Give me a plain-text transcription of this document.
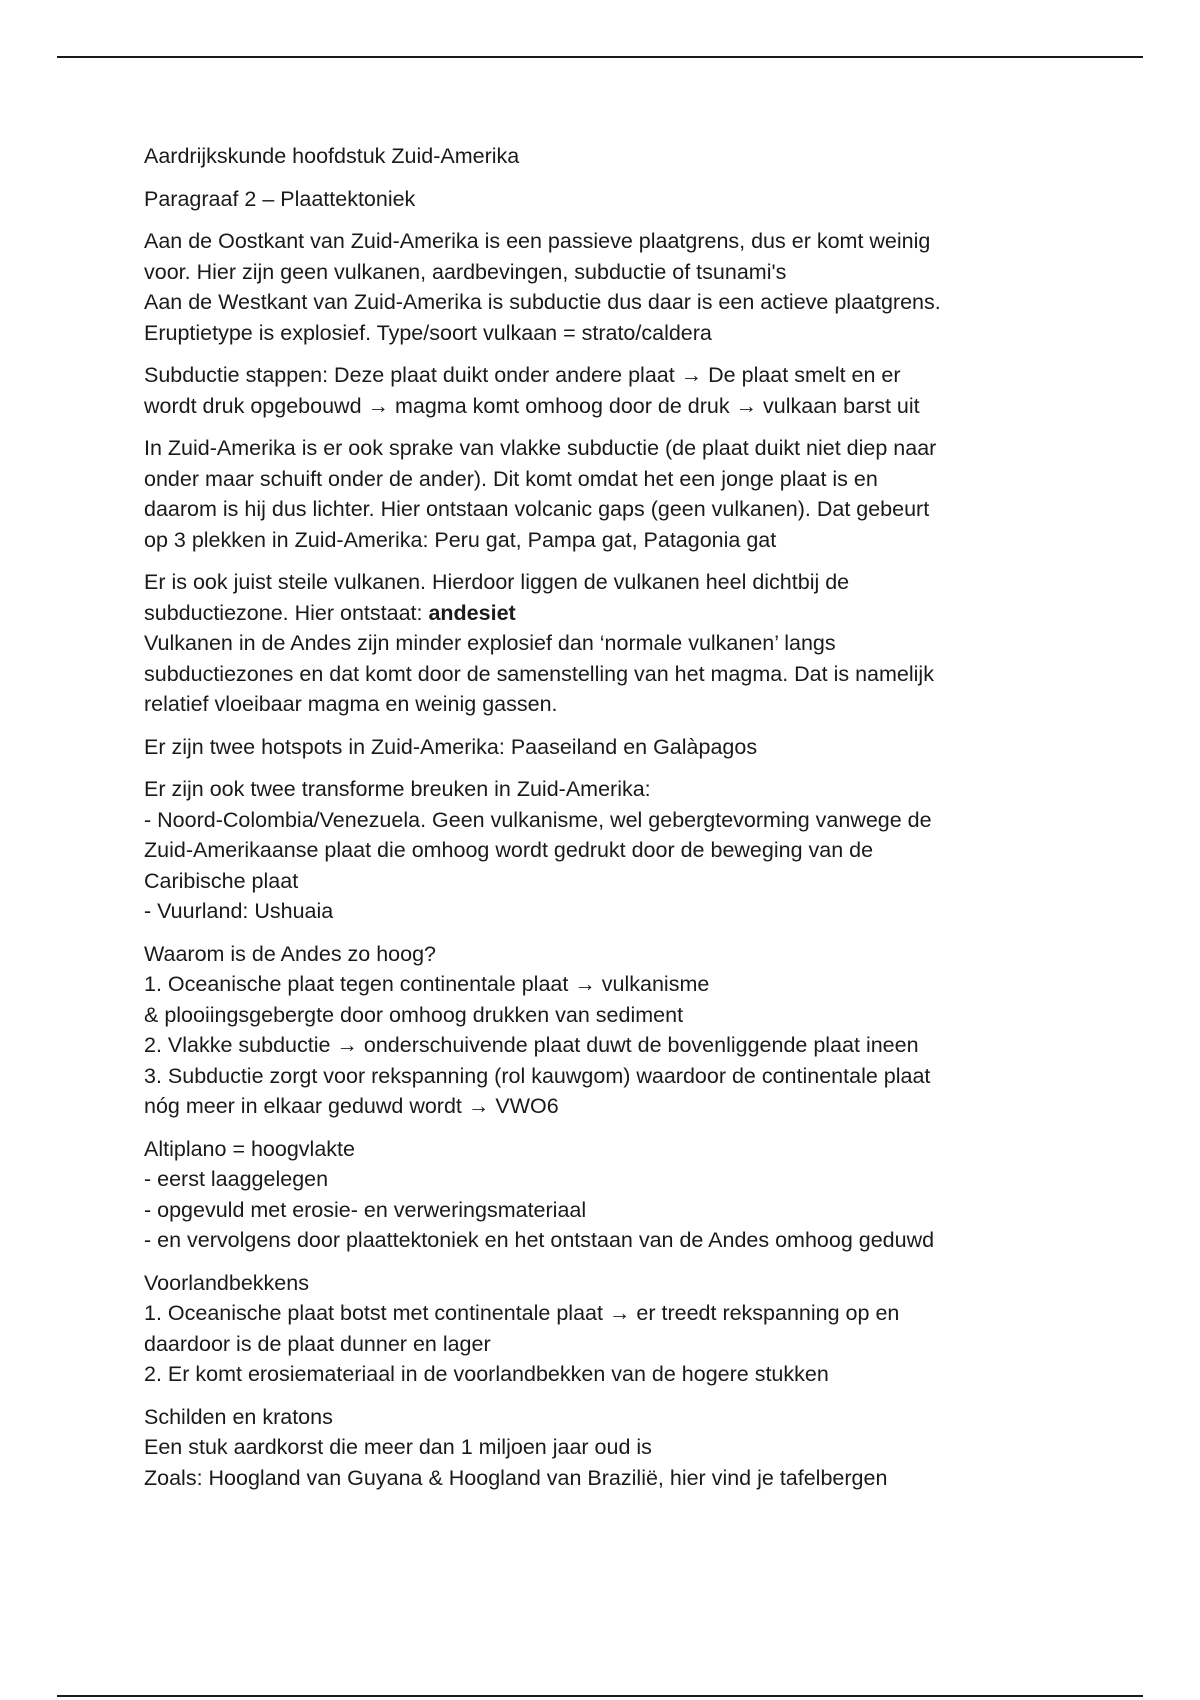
Aardrijkskunde hoofdstuk Zuid-Amerika

Paragraaf 2 – Plaattektoniek

Aan de Oostkant van Zuid-Amerika is een passieve plaatgrens, dus er komt weinig
voor. Hier zijn geen vulkanen, aardbevingen, subductie of tsunami's
Aan de Westkant van Zuid-Amerika is subductie dus daar is een actieve plaatgrens.
Eruptietype is explosief. Type/soort vulkaan = strato/caldera

Subductie stappen: Deze plaat duikt onder andere plaat → De plaat smelt en er
wordt druk opgebouwd → magma komt omhoog door de druk → vulkaan barst uit

In Zuid-Amerika is er ook sprake van vlakke subductie (de plaat duikt niet diep naar
onder maar schuift onder de ander). Dit komt omdat het een jonge plaat is en
daarom is hij dus lichter. Hier ontstaan volcanic gaps (geen vulkanen). Dat gebeurt
op 3 plekken in Zuid-Amerika: Peru gat, Pampa gat, Patagonia gat

Er is ook juist steile vulkanen. Hierdoor liggen de vulkanen heel dichtbij de
subductiezone. Hier ontstaat: andesiet
Vulkanen in de Andes zijn minder explosief dan ‘normale vulkanen’ langs
subductiezones en dat komt door de samenstelling van het magma. Dat is namelijk
relatief vloeibaar magma en weinig gassen.

Er zijn twee hotspots in Zuid-Amerika: Paaseiland en Galàpagos

Er zijn ook twee transforme breuken in Zuid-Amerika:
- Noord-Colombia/Venezuela. Geen vulkanisme, wel gebergtevorming vanwege de
Zuid-Amerikaanse plaat die omhoog wordt gedrukt door de beweging van de
Caribische plaat
- Vuurland: Ushuaia

Waarom is de Andes zo hoog?
1. Oceanische plaat tegen continentale plaat → vulkanisme
& plooiingsgebergte door omhoog drukken van sediment
2. Vlakke subductie → onderschuivende plaat duwt de bovenliggende plaat ineen
3. Subductie zorgt voor rekspanning (rol kauwgom) waardoor de continentale plaat
nóg meer in elkaar geduwd wordt → VWO6

Altiplano = hoogvlakte
- eerst laaggelegen
- opgevuld met erosie- en verweringsmateriaal
- en vervolgens door plaattektoniek en het ontstaan van de Andes omhoog geduwd

Voorlandbekkens
1. Oceanische plaat botst met continentale plaat → er treedt rekspanning op en
daardoor is de plaat dunner en lager
2. Er komt erosiemateriaal in de voorlandbekken van de hogere stukken

Schilden en kratons
Een stuk aardkorst die meer dan 1 miljoen jaar oud is
Zoals: Hoogland van Guyana & Hoogland van Brazilië, hier vind je tafelbergen
